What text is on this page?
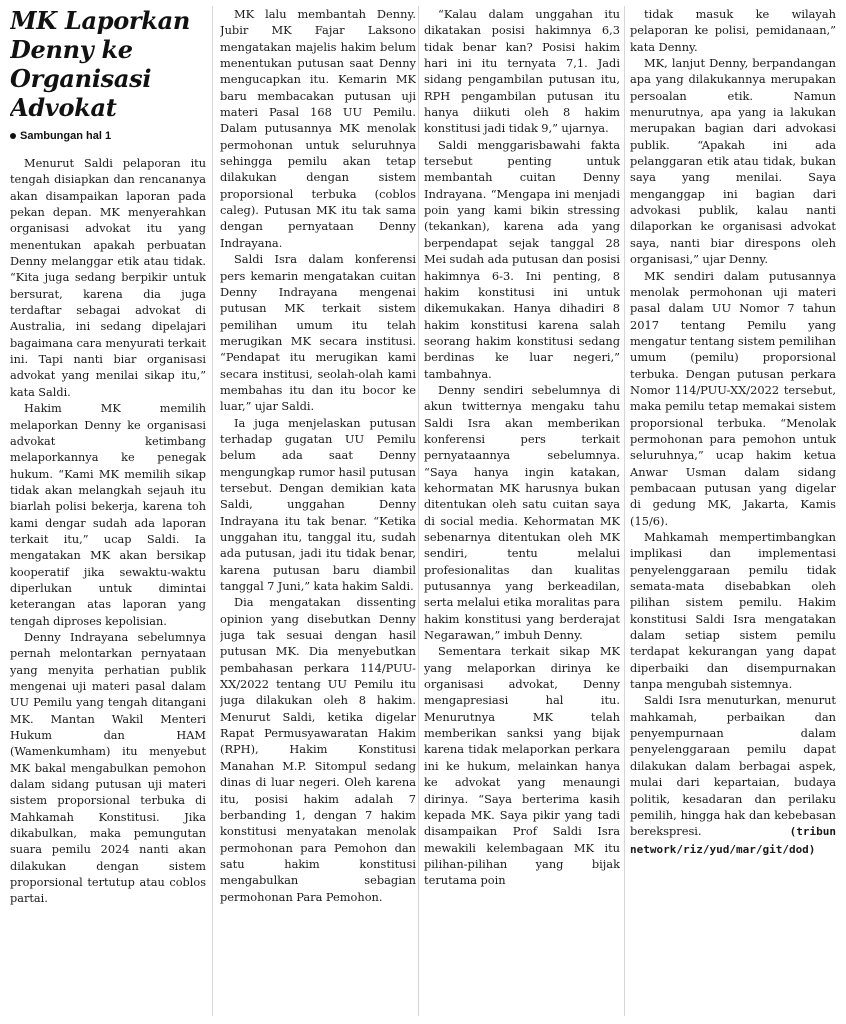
MK Laporkan Denny ke Organisasi Advokat
Sambungan hal 1

Menurut Saldi pelaporan itu tengah disiapkan dan rencananya akan disampaikan laporan pada pekan depan. MK menyerahkan organisasi advokat itu yang menentukan apakah perbuatan Denny melanggar etik atau tidak. “Kita juga sedang berpikir untuk bersurat, karena dia juga terdaftar sebagai advokat di Australia, ini sedang dipelajari bagaimana cara menyurati terkait ini. Tapi nanti biar organisasi advokat yang menilai sikap itu,” kata Saldi.

Hakim MK memilih melaporkan Denny ke organisasi advokat ketimbang melaporkannya ke penegak hukum. “Kami MK memilih sikap tidak akan melangkah sejauh itu biarlah polisi bekerja, karena toh kami dengar sudah ada laporan terkait itu,” ucap Saldi. Ia mengatakan MK akan bersikap kooperatif jika sewaktu-waktu diperlukan untuk dimintai keterangan atas laporan yang tengah diproses kepolisian.

Denny Indrayana sebelumnya pernah melontarkan pernyataan yang menyita perhatian publik mengenai uji materi pasal dalam UU Pemilu yang tengah ditangani MK. Mantan Wakil Menteri Hukum dan HAM (Wamenkumham) itu menyebut MK bakal mengabulkan pemohon dalam sidang putusan uji materi sistem proporsional terbuka di Mahkamah Konstitusi. Jika dikabulkan, maka pemungutan suara pemilu 2024 nanti akan dilakukan dengan sistem proporsional tertutup atau coblos partai.

MK lalu membantah Denny. Jubir MK Fajar Laksono mengatakan majelis hakim belum menentukan putusan saat Denny mengucapkan itu. Kemarin MK baru membacakan putusan uji materi Pasal 168 UU Pemilu. Dalam putusannya MK menolak permohonan untuk seluruhnya sehingga pemilu akan tetap dilakukan dengan sistem proporsional terbuka (coblos caleg). Putusan MK itu tak sama dengan pernyataan Denny Indrayana.

Saldi Isra dalam konferensi pers kemarin mengatakan cuitan Denny Indrayana mengenai putusan MK terkait sistem pemilihan umum itu telah merugikan MK secara institusi. “Pendapat itu merugikan kami secara institusi, seolah-olah kami membahas itu dan itu bocor ke luar,” ujar Saldi.

Ia juga menjelaskan putusan terhadap gugatan UU Pemilu belum ada saat Denny mengungkap rumor hasil putusan tersebut. Dengan demikian kata Saldi, unggahan Denny Indrayana itu tak benar. “Ketika unggahan itu, tanggal itu, sudah ada putusan, jadi itu tidak benar, karena putusan baru diambil tanggal 7 Juni,” kata hakim Saldi.

Dia mengatakan dissenting opinion yang disebutkan Denny juga tak sesuai dengan hasil putusan MK. Dia menyebutkan pembahasan perkara 114/PUU-XX/2022 tentang UU Pemilu itu juga dilakukan oleh 8 hakim. Menurut Saldi, ketika digelar Rapat Permusyawaratan Hakim (RPH), Hakim Konstitusi Manahan M.P. Sitompul sedang dinas di luar negeri. Oleh karena itu, posisi hakim adalah 7 berbanding 1, dengan 7 hakim konstitusi menyatakan menolak permohonan para Pemohon dan satu hakim konstitusi mengabulkan sebagian permohonan Para Pemohon.

“Kalau dalam unggahan itu dikatakan posisi hakimnya 6,3 tidak benar kan? Posisi hakim hari ini itu ternyata 7,1. Jadi sidang pengambilan putusan itu, RPH pengambilan putusan itu hanya diikuti oleh 8 hakim konstitusi jadi tidak 9,” ujarnya.

Saldi menggarisbawahi fakta tersebut penting untuk membantah cuitan Denny Indrayana. “Mengapa ini menjadi poin yang kami bikin stressing (tekankan), karena ada yang berpendapat sejak tanggal 28 Mei sudah ada putusan dan posisi hakimnya 6-3. Ini penting, 8 hakim konstitusi ini untuk dikemukakan. Hanya dihadiri 8 hakim konstitusi karena salah seorang hakim konstitusi sedang berdinas ke luar negeri,” tambahnya.

Denny sendiri sebelumnya di akun twitternya mengaku tahu Saldi Isra akan memberikan konferensi pers terkait pernyataannya sebelumnya. “Saya hanya ingin katakan, kehormatan MK harusnya bukan ditentukan oleh satu cuitan saya di social media. Kehormatan MK sebenarnya ditentukan oleh MK sendiri, tentu melalui profesionalitas dan kualitas putusannya yang berkeadilan, serta melalui etika moralitas para hakim konstitusi yang berderajat Negarawan,” imbuh Denny.

Sementara terkait sikap MK yang melaporkan dirinya ke organisasi advokat, Denny mengapresiasi hal itu. Menurutnya MK telah memberikan sanksi yang bijak karena tidak melaporkan perkara ini ke hukum, melainkan hanya ke advokat yang menaungi dirinya. “Saya berterima kasih kepada MK. Saya pikir yang tadi disampaikan Prof Saldi Isra mewakili kelembagaan MK itu pilihan-pilihan yang bijak terutama poin

tidak masuk ke wilayah pelaporan ke polisi, pemidanaan,” kata Denny.

MK, lanjut Denny, berpandangan apa yang dilakukannya merupakan persoalan etik. Namun menurutnya, apa yang ia lakukan merupakan bagian dari advokasi publik. “Apakah ini ada pelanggaran etik atau tidak, bukan saya yang menilai. Saya menganggap ini bagian dari advokasi publik, kalau nanti dilaporkan ke organisasi advokat saya, nanti biar direspons oleh organisasi,” ujar Denny.

MK sendiri dalam putusannya menolak permohonan uji materi pasal dalam UU Nomor 7 tahun 2017 tentang Pemilu yang mengatur tentang sistem pemilihan umum (pemilu) proporsional terbuka. Dengan putusan perkara Nomor 114/PUU-XX/2022 tersebut, maka pemilu tetap memakai sistem proporsional terbuka. “Menolak permohonan para pemohon untuk seluruhnya,” ucap hakim ketua Anwar Usman dalam sidang pembacaan putusan yang digelar di gedung MK, Jakarta, Kamis (15/6).

Mahkamah mempertimbangkan implikasi dan implementasi penyelenggaraan pemilu tidak semata-mata disebabkan oleh pilihan sistem pemilu. Hakim konstitusi Saldi Isra mengatakan dalam setiap sistem pemilu terdapat kekurangan yang dapat diperbaiki dan disempurnakan tanpa mengubah sistemnya.

Saldi Isra menuturkan, menurut mahkamah, perbaikan dan penyempurnaan dalam penyelenggaraan pemilu dapat dilakukan dalam berbagai aspek, mulai dari kepartaian, budaya politik, kesadaran dan perilaku pemilih, hingga hak dan kebebasan berekspresi.	(tribun network/riz/yud/mar/git/dod)
